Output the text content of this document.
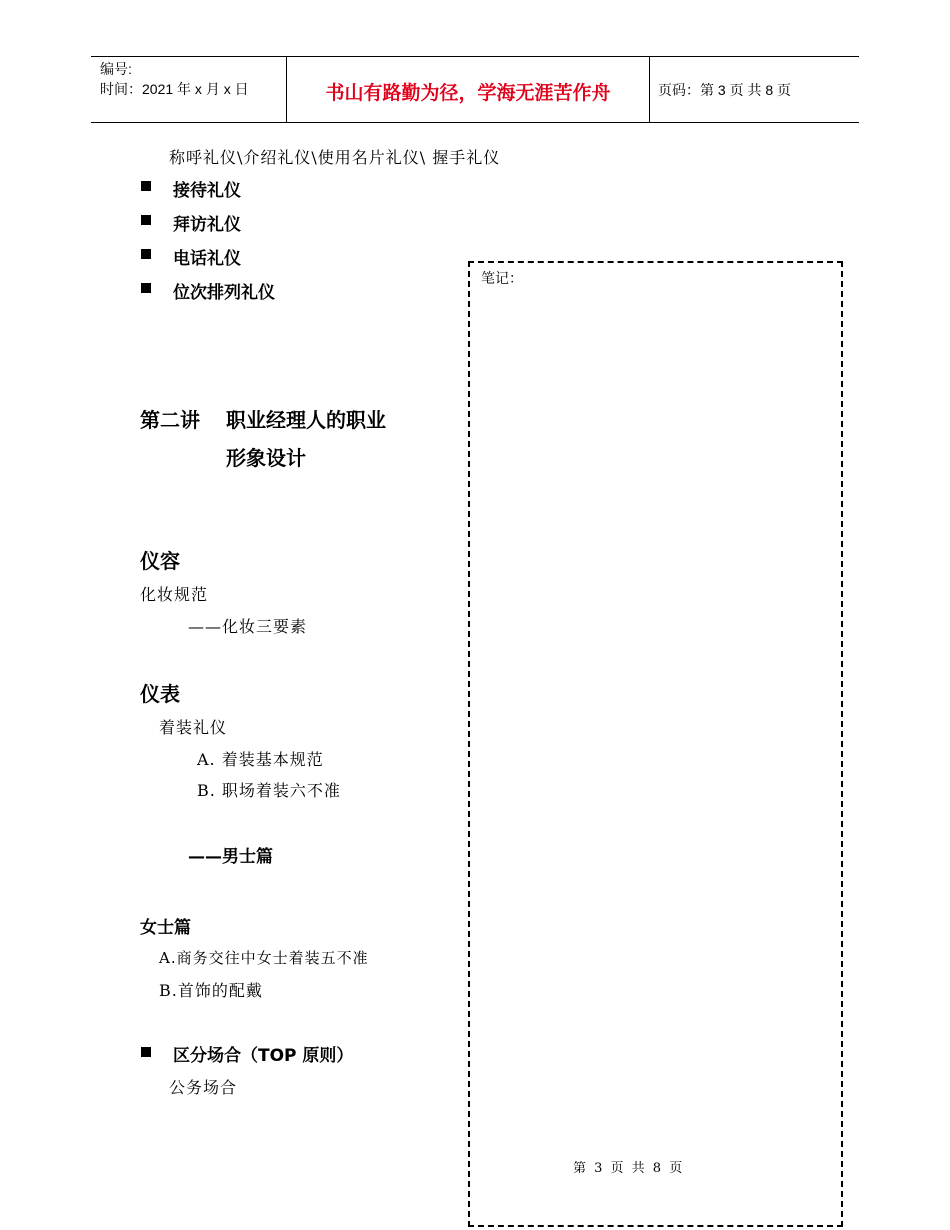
编号:
时间：2021 年 x 月 x 日	书山有路勤为径，学海无涯苦作舟	页码：第 3 页 共 8 页
称呼礼仪\介绍礼仪\使用名片礼仪\ 握手礼仪
接待礼仪
拜访礼仪
电话礼仪
位次排列礼仪
第二讲 职业经理人的职业
形象设计
仪容
化妆规范
——化妆三要素
仪表
着装礼仪
A. 着装基本规范
B. 职场着装六不准
——男士篇
女士篇
A.商务交往中女士着装五不准
B.首饰的配戴
区分场合（TOP 原则）
公务场合
笔记：
第 3 页 共 8 页
